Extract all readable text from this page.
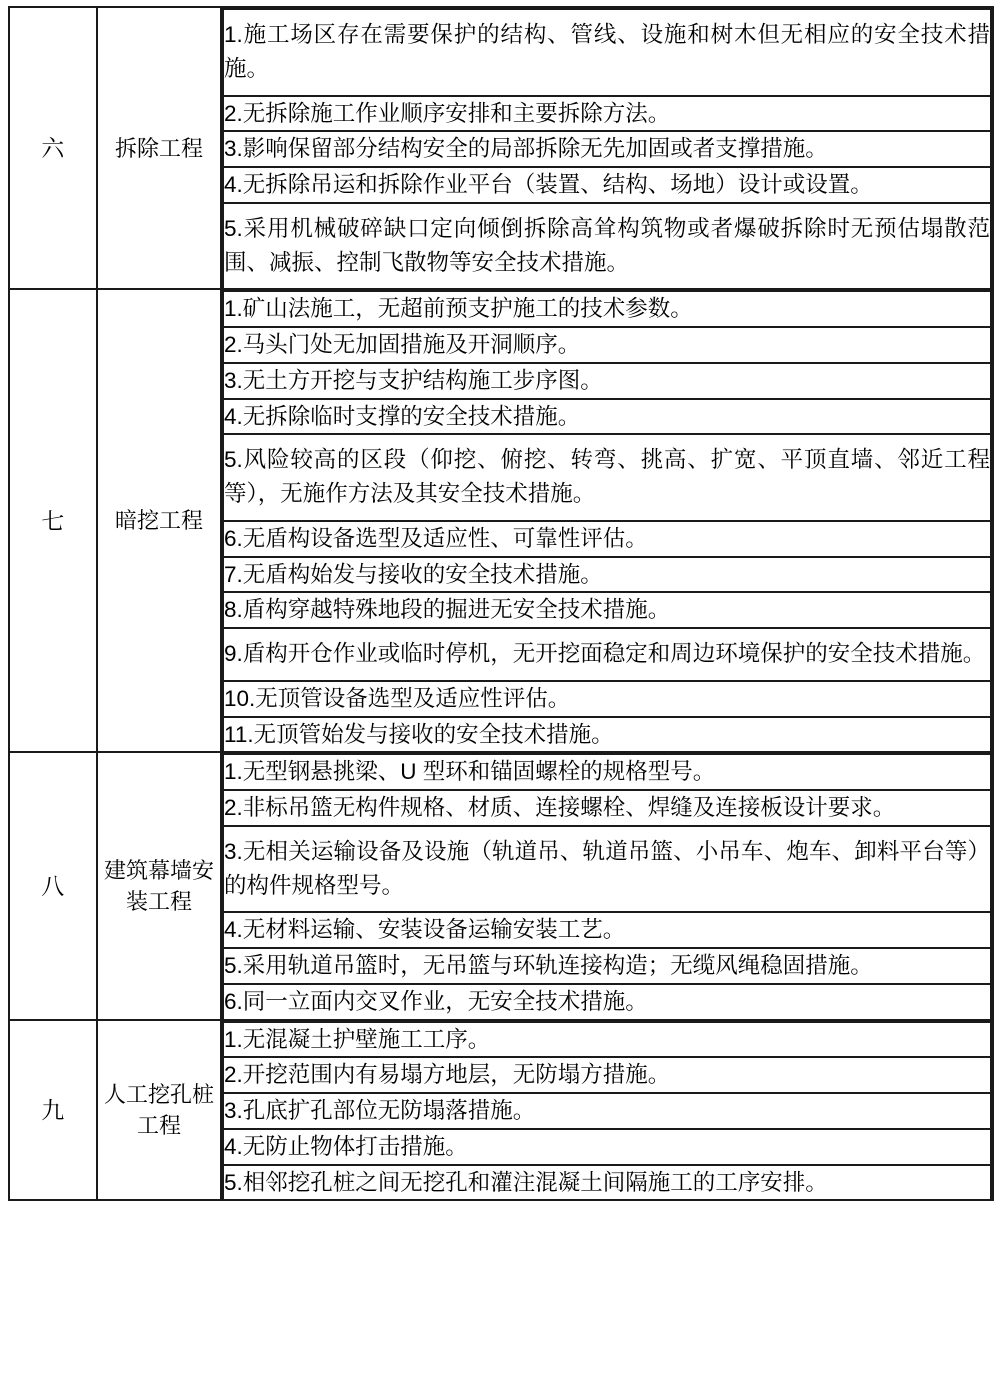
六	拆除工程	
1.施工场区存在需要保护的结构、管线、设施和树木但无相应的安全技术措施。
2.无拆除施工作业顺序安排和主要拆除方法。
3.影响保留部分结构安全的局部拆除无先加固或者支撑措施。
4.无拆除吊运和拆除作业平台（装置、结构、场地）设计或设置。
5.采用机械破碎缺口定向倾倒拆除高耸构筑物或者爆破拆除时无预估塌散范围、减振、控制飞散物等安全技术措施。

七	暗挖工程	
1.矿山法施工，无超前预支护施工的技术参数。
2.马头门处无加固措施及开洞顺序。
3.无土方开挖与支护结构施工步序图。
4.无拆除临时支撑的安全技术措施。
5.风险较高的区段（仰挖、俯挖、转弯、挑高、扩宽、平顶直墙、邻近工程等），无施作方法及其安全技术措施。
6.无盾构设备选型及适应性、可靠性评估。
7.无盾构始发与接收的安全技术措施。
8.盾构穿越特殊地段的掘进无安全技术措施。
9.盾构开仓作业或临时停机，无开挖面稳定和周边环境保护的安全技术措施。
10.无顶管设备选型及适应性评估。
11.无顶管始发与接收的安全技术措施。

八	建筑幕墙安装工程	
1.无型钢悬挑梁、U 型环和锚固螺栓的规格型号。
2.非标吊篮无构件规格、材质、连接螺栓、焊缝及连接板设计要求。
3.无相关运输设备及设施（轨道吊、轨道吊篮、小吊车、炮车、卸料平台等）的构件规格型号。
4.无材料运输、安装设备运输安装工艺。
5.采用轨道吊篮时，无吊篮与环轨连接构造；无缆风绳稳固措施。
6.同一立面内交叉作业，无安全技术措施。

九	人工挖孔桩工程	
1.无混凝土护壁施工工序。
2.开挖范围内有易塌方地层，无防塌方措施。
3.孔底扩孔部位无防塌落措施。
4.无防止物体打击措施。
5.相邻挖孔桩之间无挖孔和灌注混凝土间隔施工的工序安排。
